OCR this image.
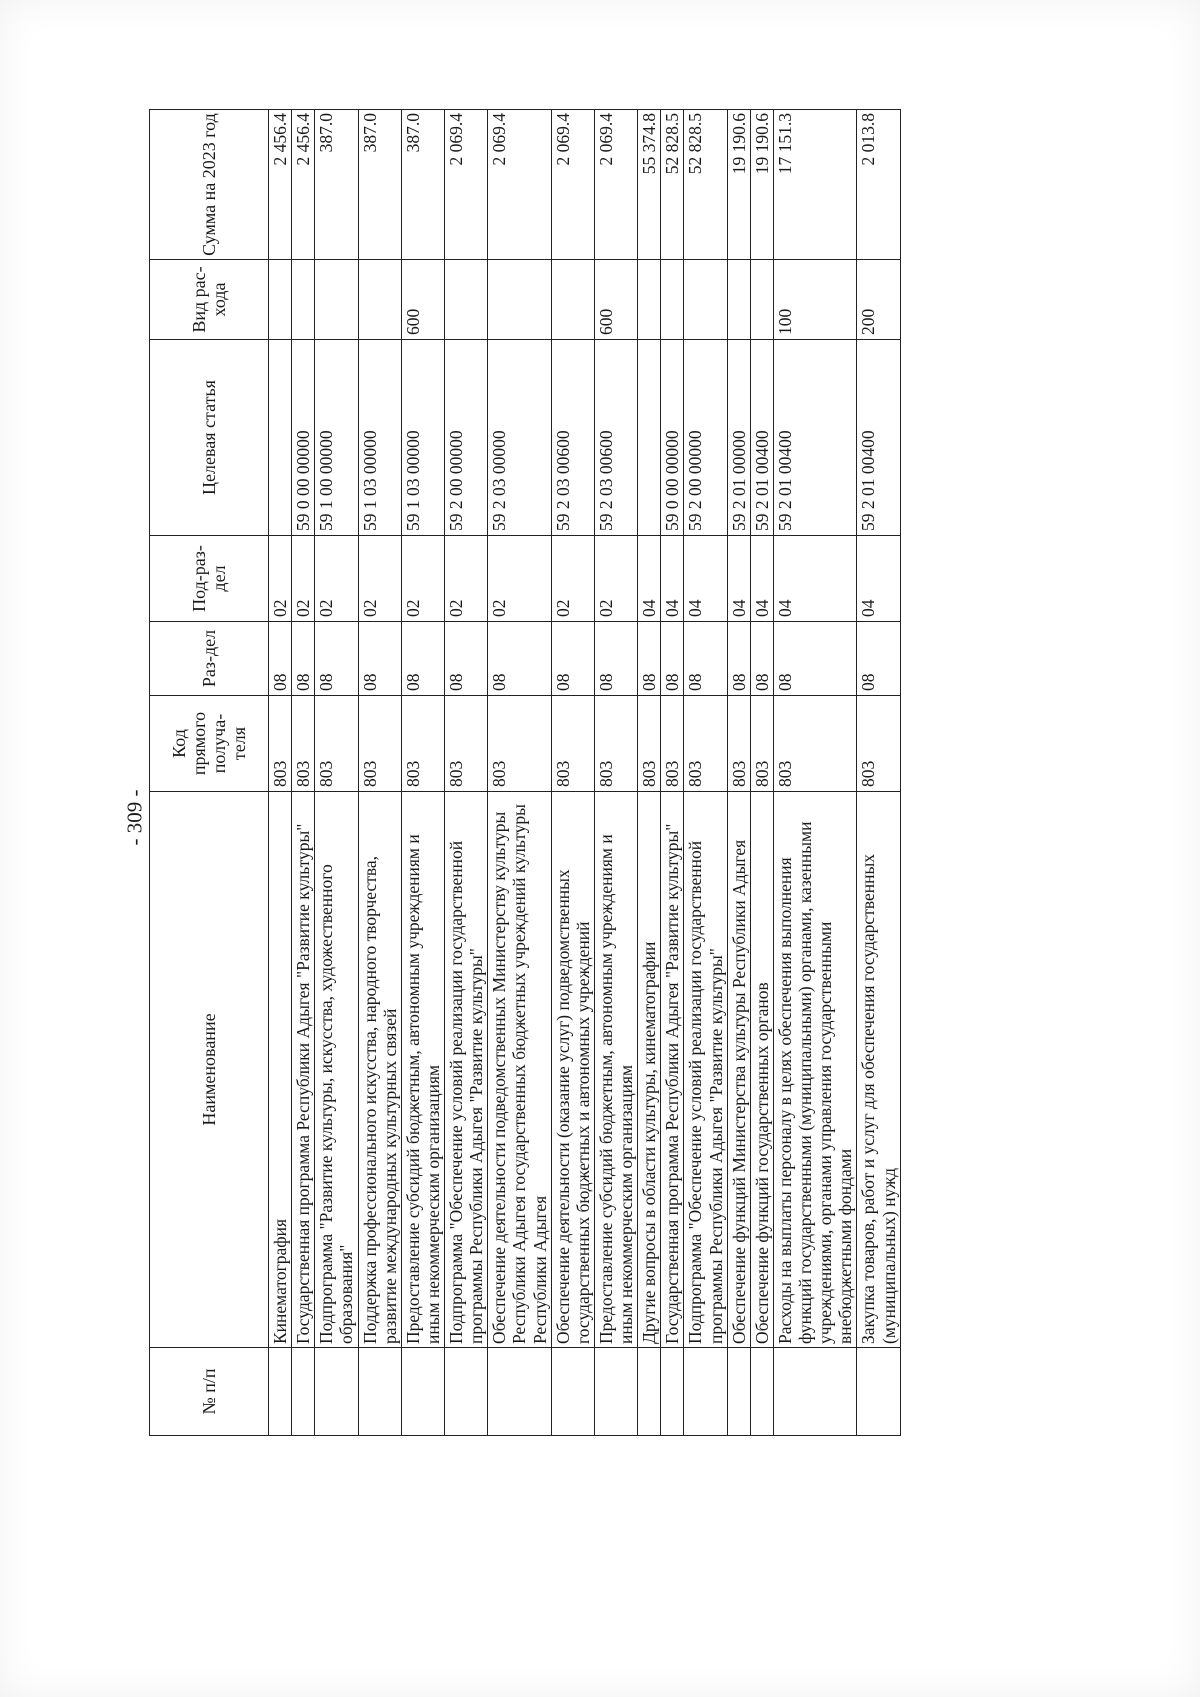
- 309 -
№ п/п	Наименование	Код прямого получа-теля	Раз-дел	Под-раз-дел	Целевая статья	Вид рас-хода	Сумма на 2023 год
	Кинематография	803	08	02			2 456.4
	Государственная программа Республики Адыгея "Развитие культуры"	803	08	02	59 0 00 00000		2 456.4
	Подпрограмма "Развитие культуры, искусства, художественного образования"	803	08	02	59 1 00 00000		387.0
	Поддержка профессионального искусства, народного творчества, развитие международных культурных связей	803	08	02	59 1 03 00000		387.0
	Предоставление субсидий бюджетным, автономным учреждениям и иным некоммерческим организациям	803	08	02	59 1 03 00000	600	387.0
	Подпрограмма "Обеспечение условий реализации государственной программы Республики Адыгея "Развитие культуры"	803	08	02	59 2 00 00000		2 069.4
	Обеспечение деятельности подведомственных Министерству культуры Республики Адыгея государственных бюджетных учреждений культуры Республики Адыгея	803	08	02	59 2 03 00000		2 069.4
	Обеспечение деятельности (оказание услуг) подведомственных государственных бюджетных и автономных учреждений	803	08	02	59 2 03 00600		2 069.4
	Предоставление субсидий бюджетным, автономным учреждениям и иным некоммерческим организациям	803	08	02	59 2 03 00600	600	2 069.4
	Другие вопросы в области культуры, кинематографии	803	08	04			55 374.8
	Государственная программа Республики Адыгея "Развитие культуры"	803	08	04	59 0 00 00000		52 828.5
	Подпрограмма "Обеспечение условий реализации государственной программы Республики Адыгея "Развитие культуры"	803	08	04	59 2 00 00000		52 828.5
	Обеспечение функций Министерства культуры Республики Адыгея	803	08	04	59 2 01 00000		19 190.6
	Обеспечение функций государственных органов	803	08	04	59 2 01 00400		19 190.6
	Расходы на выплаты персоналу в целях обеспечения выполнения функций государственными (муниципальными) органами, казенными учреждениями, органами управления государственными внебюджетными фондами	803	08	04	59 2 01 00400	100	17 151.3
	Закупка товаров, работ и услуг для обеспечения государственных (муниципальных) нужд	803	08	04	59 2 01 00400	200	2 013.8
